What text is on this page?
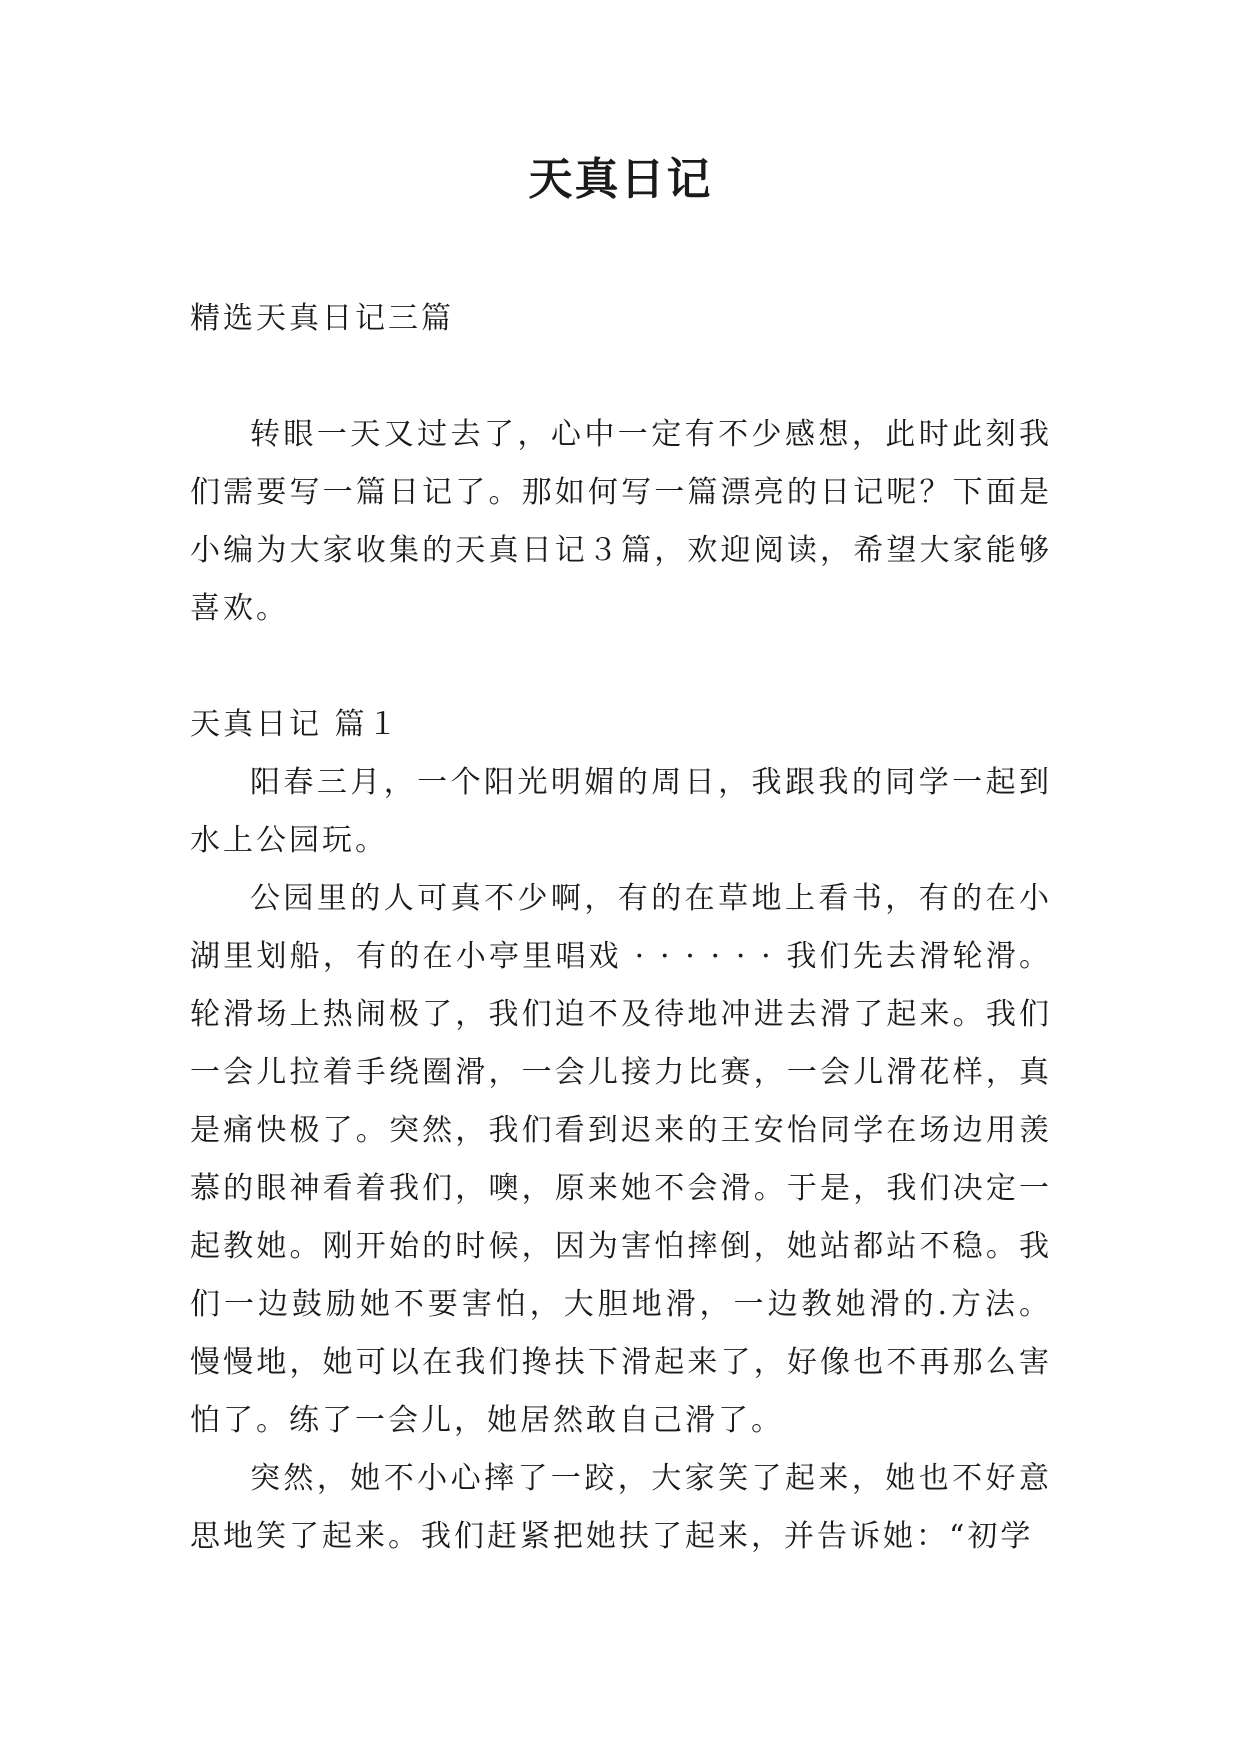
天真日记

精选天真日记三篇

转眼一天又过去了，心中一定有不少感想，此时此刻我们需要写一篇日记了。那如何写一篇漂亮的日记呢？下面是小编为大家收集的天真日记３篇，欢迎阅读，希望大家能够喜欢。

天真日记 篇１

阳春三月，一个阳光明媚的周日，我跟我的同学一起到水上公园玩。

公园里的人可真不少啊，有的在草地上看书，有的在小湖里划船，有的在小亭里唱戏 · · · · · · 我们先去滑轮滑。轮滑场上热闹极了，我们迫不及待地冲进去滑了起来。我们一会儿拉着手绕圈滑，一会儿接力比赛，一会儿滑花样，真是痛快极了。突然，我们看到迟来的王安怡同学在场边用羡慕的眼神看着我们，噢，原来她不会滑。于是，我们决定一起教她。刚开始的时候，因为害怕摔倒，她站都站不稳。我们一边鼓励她不要害怕，大胆地滑，一边教她滑的.方法。慢慢地，她可以在我们搀扶下滑起来了，好像也不再那么害怕了。练了一会儿，她居然敢自己滑了。

突然，她不小心摔了一跤，大家笑了起来，她也不好意思地笑了起来。我们赶紧把她扶了起来，并告诉她：“初学
